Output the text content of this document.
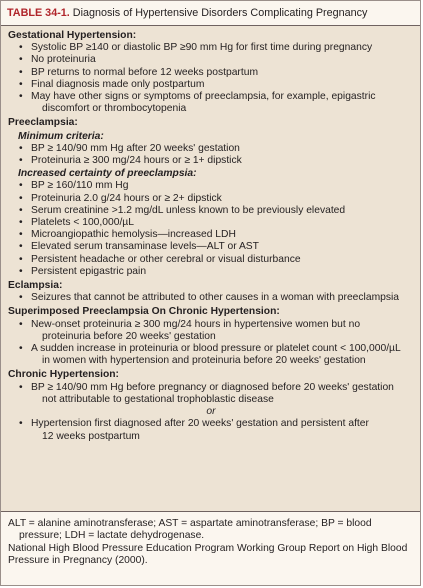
TABLE 34-1. Diagnosis of Hypertensive Disorders Complicating Pregnancy
Gestational Hypertension:
• Systolic BP ≥140 or diastolic BP ≥90 mm Hg for first time during pregnancy
• No proteinuria
• BP returns to normal before 12 weeks postpartum
• Final diagnosis made only postpartum
• May have other signs or symptoms of preeclampsia, for example, epigastric
discomfort or thrombocytopenia
Preeclampsia:
Minimum criteria:
• BP ≥ 140/90 mm Hg after 20 weeks' gestation
• Proteinuria ≥ 300 mg/24 hours or ≥ 1+ dipstick
Increased certainty of preeclampsia:
• BP ≥ 160/110 mm Hg
• Proteinuria 2.0 g/24 hours or ≥ 2+ dipstick
• Serum creatinine >1.2 mg/dL unless known to be previously elevated
• Platelets < 100,000/µL
• Microangiopathic hemolysis—increased LDH
• Elevated serum transaminase levels—ALT or AST
• Persistent headache or other cerebral or visual disturbance
• Persistent epigastric pain
Eclampsia:
• Seizures that cannot be attributed to other causes in a woman with preeclampsia
Superimposed Preeclampsia On Chronic Hypertension:
• New-onset proteinuria ≥ 300 mg/24 hours in hypertensive women but no
proteinuria before 20 weeks' gestation
• A sudden increase in proteinuria or blood pressure or platelet count < 100,000/µL
in women with hypertension and proteinuria before 20 weeks' gestation
Chronic Hypertension:
• BP ≥ 140/90 mm Hg before pregnancy or diagnosed before 20 weeks' gestation
not attributable to gestational trophoblastic disease
or
• Hypertension first diagnosed after 20 weeks' gestation and persistent after
12 weeks postpartum
ALT = alanine aminotransferase; AST = aspartate aminotransferase; BP = blood
pressure; LDH = lactate dehydrogenase.
National High Blood Pressure Education Program Working Group Report on High Blood
Pressure in Pregnancy (2000).
